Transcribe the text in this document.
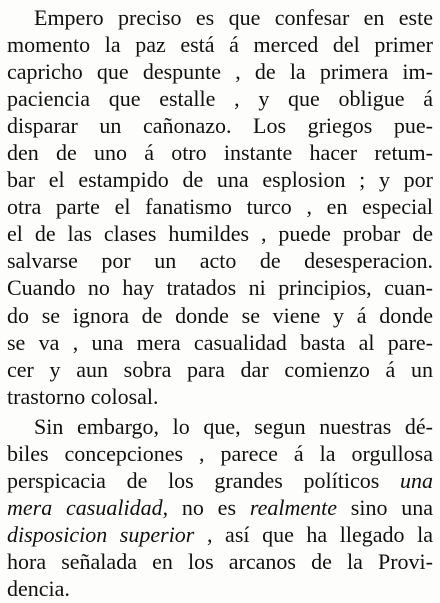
Empero preciso es que confesar en este
momento la paz está á merced del primer
capricho que despunte , de la primera im-
paciencia que estalle , y que obligue á
disparar un cañonazo. Los griegos pue-
den de uno á otro instante hacer retum-
bar el estampido de una esplosion ; y por
otra parte el fanatismo turco , en especial
el de las clases humildes , puede probar de
salvarse por un acto de desesperacion.
Cuando no hay tratados ni principios, cuan-
do se ignora de donde se viene y á donde
se va , una mera casualidad basta al pare-
cer y aun sobra para dar comienzo á un
trastorno colosal.
Sin embargo, lo que, segun nuestras dé-
biles concepciones , parece á la orgullosa
perspicacia de los grandes políticos una
mera casualidad, no es realmente sino una
disposicion superior , así que ha llegado la
hora señalada en los arcanos de la Provi-
dencia.
